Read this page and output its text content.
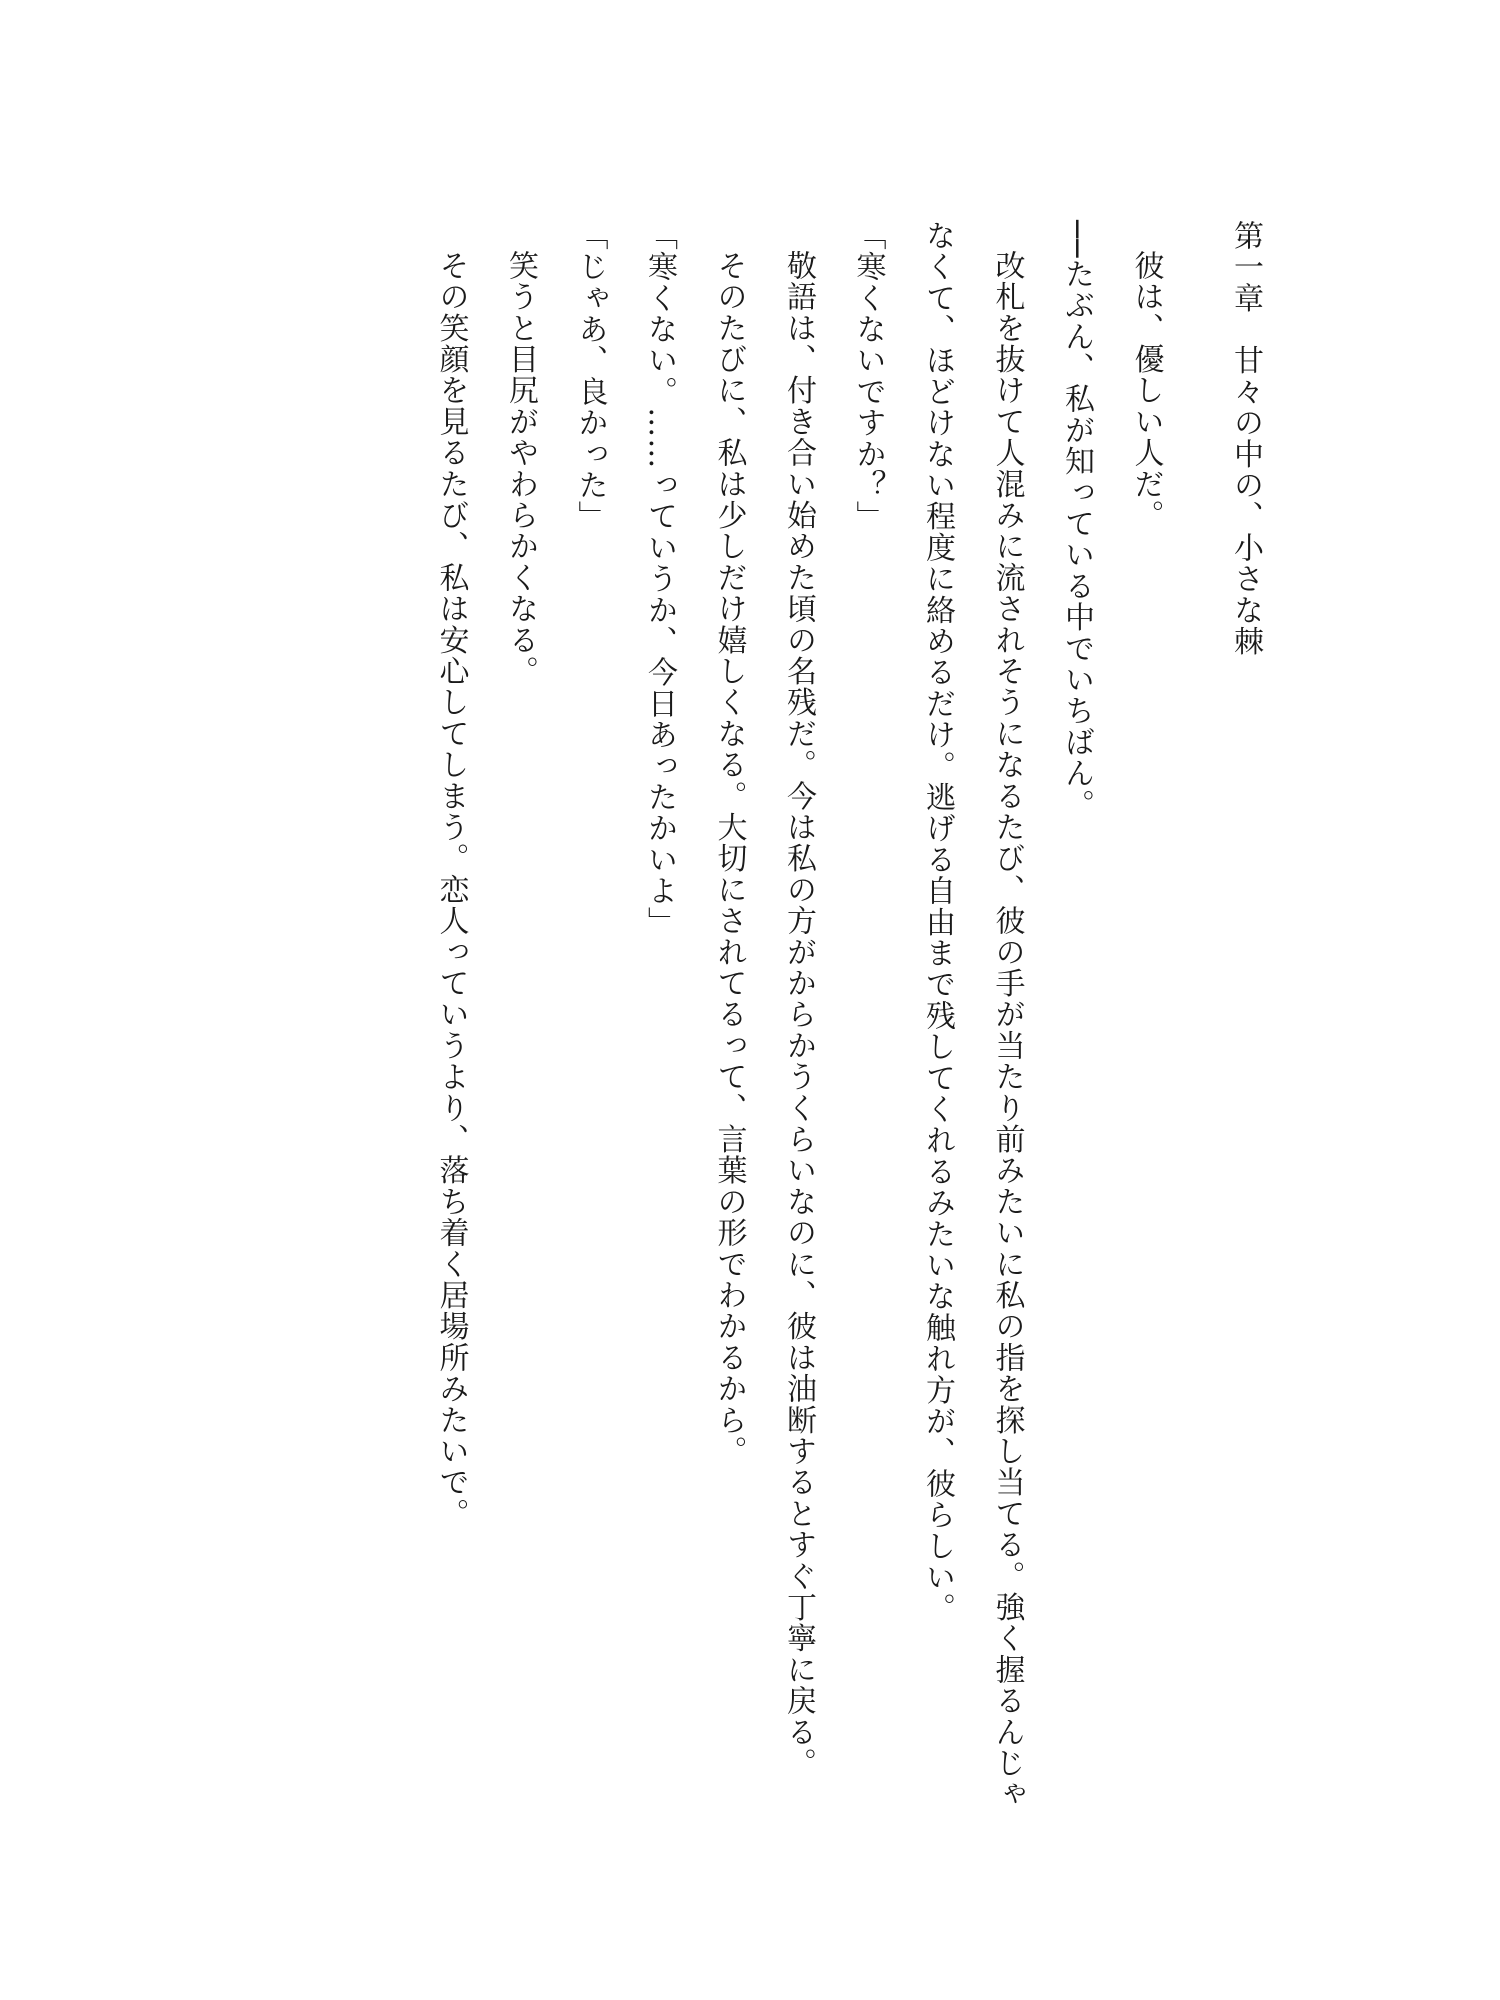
第一章　甘々の中の、小さな棘

彼は、優しい人だ。

──たぶん、私が知っている中でいちばん。

改札を抜けて人混みに流されそうになるたび、彼の手が当たり前みたいに私の指を探し当てる。強く握るんじゃなくて、ほどけない程度に絡めるだけ。逃げる自由まで残してくれるみたいな触れ方が、彼らしい。

「寒くないですか？」

敬語は、付き合い始めた頃の名残だ。今は私の方がからかうくらいなのに、彼は油断するとすぐ丁寧に戻る。

そのたびに、私は少しだけ嬉しくなる。大切にされてるって、言葉の形でわかるから。

「寒くない。……っていうか、今日あったかいよ」

「じゃあ、良かった」

笑うと目尻がやわらかくなる。

その笑顔を見るたび、私は安心してしまう。恋人っていうより、落ち着く居場所みたいで。
